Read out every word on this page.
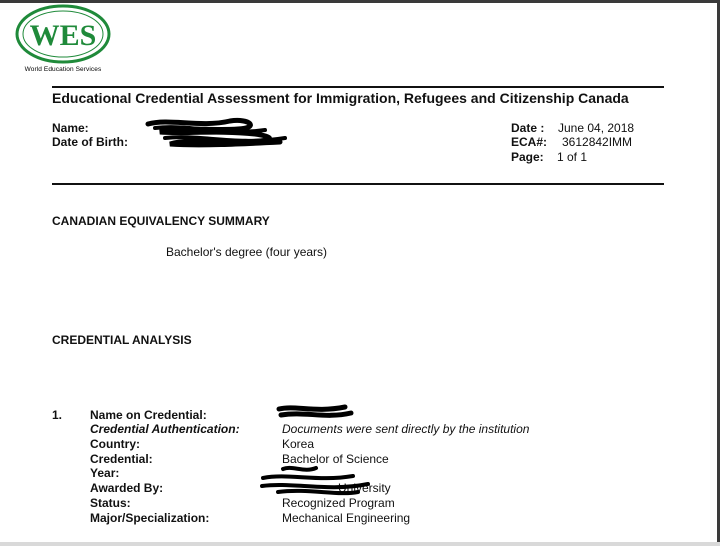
WES
World Education Services
Educational Credential Assessment for Immigration, Refugees and Citizenship Canada
Name:
Date of Birth:
Date : June 04, 2018
ECA#: 3612842IMM
Page: 1 of 1
CANADIAN EQUIVALENCY SUMMARY
Bachelor's degree (four years)
CREDENTIAL ANALYSIS
1. Name on Credential:
Credential Authentication:	Documents were sent directly by the institution
Country:	Korea
Credential:	Bachelor of Science
Year:
Awarded By:	University
Status:	Recognized Program
Major/Specialization:	Mechanical Engineering
